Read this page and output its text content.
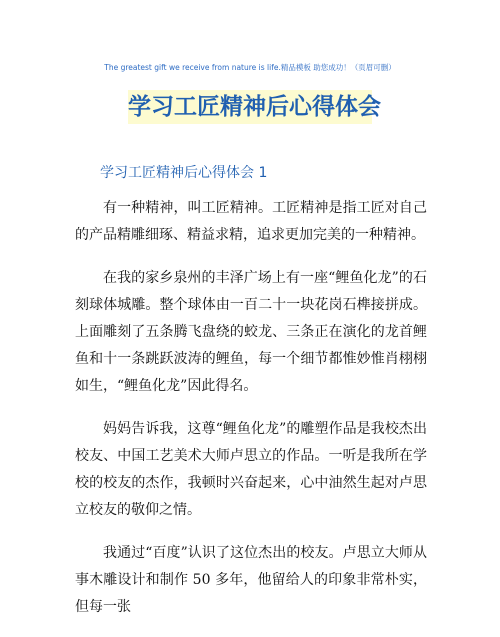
The greatest gift we receive from nature is life.精品模板 助您成功！（页眉可删）
学习工匠精神后心得体会
学习工匠精神后心得体会 1

有一种精神，叫工匠精神。工匠精神是指工匠对自己的产品精雕细琢、精益求精，追求更加完美的一种精神。

在我的家乡泉州的丰泽广场上有一座“鲤鱼化龙”的石刻球体城雕。整个球体由一百二十一块花岗石榫接拼成。上面雕刻了五条腾飞盘绕的蛟龙、三条正在演化的龙首鲤鱼和十一条跳跃波涛的鲤鱼，每一个细节都惟妙惟肖栩栩如生，“鲤鱼化龙”因此得名。

妈妈告诉我，这尊“鲤鱼化龙”的雕塑作品是我校杰出校友、中国工艺美术大师卢思立的作品。一听是我所在学校的校友的杰作，我顿时兴奋起来，心中油然生起对卢思立校友的敬仰之情。

我通过“百度”认识了这位杰出的校友。卢思立大师从事木雕设计和制作 50 多年，他留给人的印象非常朴实，但每一张
